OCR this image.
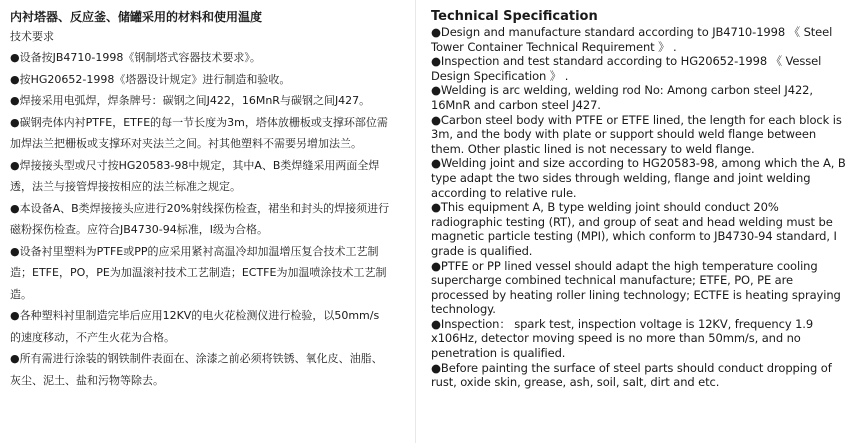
内衬塔器、反应釜、储罐采用的材料和使用温度

技术要求

●设备按JB4710-1998《钢制塔式容器技术要求》。

●按HG20652-1998《塔器设计规定》进行制造和验收。

●焊接采用电弧焊，焊条牌号：碳钢之间J422，16MnR与碳钢之间J427。

●碳钢壳体内衬PTFE，ETFE的每一节长度为3m，塔体放栅板或支撑环部位需加焊法兰把栅板或支撑环对夹法兰之间。衬其他塑料不需要另增加法兰。

●焊接接头型或尺寸按HG20583-98中规定，其中A、B类焊缝采用两面全焊透，法兰与接管焊接按相应的法兰标准之规定。

●本设备A、B类焊接接头应进行20%射线探伤检查，裙坐和封头的焊接须进行磁粉探伤检查。应符合JB4730-94标准，I级为合格。

●设备衬里塑料为PTFE或PP的应采用紧衬高温冷却加温增压复合技术工艺制造；ETFE，PO，PE为加温滚衬技术工艺制造；ECTFE为加温喷涂技术工艺制造。

●各种塑料衬里制造完毕后应用12KV的电火花检测仪进行检验，以50mm/s的速度移动，不产生火花为合格。

●所有需进行涂装的钢铁制件表面在、涂漆之前必须将铁锈、氧化皮、油脂、灰尘、泥土、盐和污物等除去。

Technical Specification

●Design and manufacture standard according to JB4710-1998 《 Steel Tower Container Technical Requirement 》 .

●Inspection and test standard according to HG20652-1998 《 Vessel Design Specification 》 .

●Welding is arc welding, welding rod No: Among carbon steel J422, 16MnR and carbon steel J427.

●Carbon steel body with PTFE or ETFE lined, the length for each block is 3m, and the body with plate or support should weld flange between them. Other plastic lined is not necessary to weld flange.

●Welding joint and size according to HG20583-98, among which the A, B type adapt the two sides through welding, flange and joint welding according to relative rule.

●This equipment A, B type welding joint should conduct 20% radiographic testing (RT), and group of seat and head welding must be magnetic particle testing (MPI), which conform to JB4730-94 standard, I grade is qualified.

●PTFE or PP lined vessel should adapt the high temperature cooling supercharge combined technical manufacture; ETFE, PO, PE are processed by heating roller lining technology; ECTFE is heating spraying technology.

●Inspection： spark test, inspection voltage is 12KV, frequency 1.9 x106Hz, detector moving speed is no more than 50mm/s, and no penetration is qualified.

●Before painting the surface of steel parts should conduct dropping of rust, oxide skin, grease, ash, soil, salt, dirt and etc.
